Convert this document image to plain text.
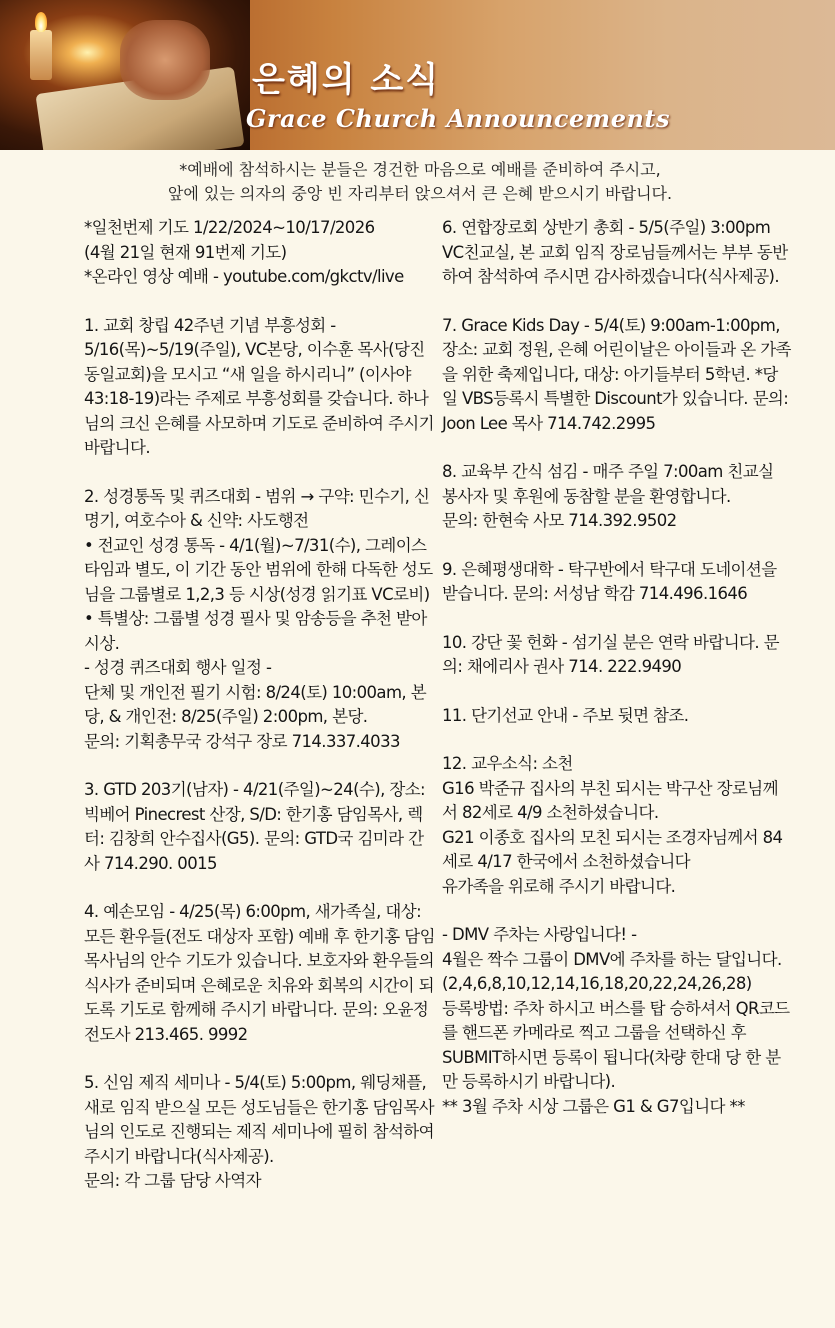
은혜의 소식
Grace Church Announcements
*예배에 참석하시는 분들은 경건한 마음으로 예배를 준비하여 주시고,
앞에 있는 의자의 중앙 빈 자리부터 앉으셔서 큰 은혜 받으시기 바랍니다.
*일천번제 기도 1/22/2024~10/17/2026
(4월 21일 현재 91번제 기도)
*온라인 영상 예배 - youtube.com/gkctv/live
1. 교회 창립 42주년 기념 부흥성회 - 5/16(목)~5/19(주일), VC본당, 이수훈 목사(당진동일교회)을 모시고 “새 일을 하시리니” (이사야 43:18-19)라는 주제로 부흥성회를 갖습니다. 하나님의 크신 은혜를 사모하며 기도로 준비하여 주시기 바랍니다.
2. 성경통독 및 퀴즈대회 - 범위 → 구약: 민수기, 신명기, 여호수아 & 신약: 사도행전
• 전교인 성경 통독 - 4/1(월)~7/31(수), 그레이스타임과 별도, 이 기간 동안 범위에 한해 다독한 성도님을 그룹별로 1,2,3 등 시상(성경 읽기표 VC로비) • 특별상: 그룹별 성경 필사 및 암송등을 추천 받아 시상.
- 성경 퀴즈대회 행사 일정 -
단체 및 개인전 필기 시험: 8/24(토) 10:00am, 본당, & 개인전: 8/25(주일) 2:00pm, 본당.
문의: 기획총무국 강석구 장로 714.337.4033
3. GTD 203기(남자) - 4/21(주일)~24(수), 장소: 빅베어 Pinecrest 산장, S/D: 한기홍 담임목사, 렉터: 김창희 안수집사(G5). 문의: GTD국 김미라 간사 714.290. 0015
4. 예손모임 - 4/25(목) 6:00pm, 새가족실, 대상: 모든 환우들(전도 대상자 포함) 예배 후 한기홍 담임목사님의 안수 기도가 있습니다. 보호자와 환우들의 식사가 준비되며 은혜로운 치유와 회복의 시간이 되도록 기도로 함께해 주시기 바랍니다. 문의: 오윤정 전도사 213.465. 9992
5. 신임 제직 세미나 - 5/4(토) 5:00pm, 웨딩채플, 새로 임직 받으실 모든 성도님들은 한기홍 담임목사님의 인도로 진행되는 제직 세미나에 필히 참석하여 주시기 바랍니다(식사제공).
문의: 각 그룹 담당 사역자
6. 연합장로회 상반기 총회 - 5/5(주일) 3:00pm VC친교실, 본 교회 임직 장로님들께서는 부부 동반하여 참석하여 주시면 감사하겠습니다(식사제공).
7. Grace Kids Day - 5/4(토) 9:00am-1:00pm, 장소: 교회 정원, 은혜 어린이날은 아이들과 온 가족을 위한 축제입니다, 대상: 아기들부터 5학년. *당일 VBS등록시 특별한 Discount가 있습니다. 문의: Joon Lee 목사 714.742.2995
8. 교육부 간식 섬김 - 매주 주일 7:00am 친교실 봉사자 및 후원에 동참할 분을 환영합니다.
문의: 한현숙 사모 714.392.9502
9. 은혜평생대학 - 탁구반에서 탁구대 도네이션을 받습니다. 문의: 서성남 학감 714.496.1646
10. 강단 꽃 헌화 - 섬기실 분은 연락 바랍니다. 문의: 채에리사 권사 714. 222.9490
11. 단기선교 안내 - 주보 뒷면 참조.
12. 교우소식: 소천
G16 박준규 집사의 부친 되시는 박구산 장로님께서 82세로 4/9 소천하셨습니다.
G21 이종호 집사의 모친 되시는 조경자님께서 84세로 4/17 한국에서 소천하셨습니다
유가족을 위로해 주시기 바랍니다.
- DMV 주차는 사랑입니다! -
4월은 짝수 그룹이 DMV에 주차를 하는 달입니다. (2,4,6,8,10,12,14,16,18,20,22,24,26,28)
등록방법: 주차 하시고 버스를 탑 승하셔서 QR코드를 핸드폰 카메라로 찍고 그룹을 선택하신 후 SUBMIT하시면 등록이 됩니다(차량 한대 당 한 분만 등록하시기 바랍니다).
** 3월 주차 시상 그룹은 G1 & G7입니다 **
